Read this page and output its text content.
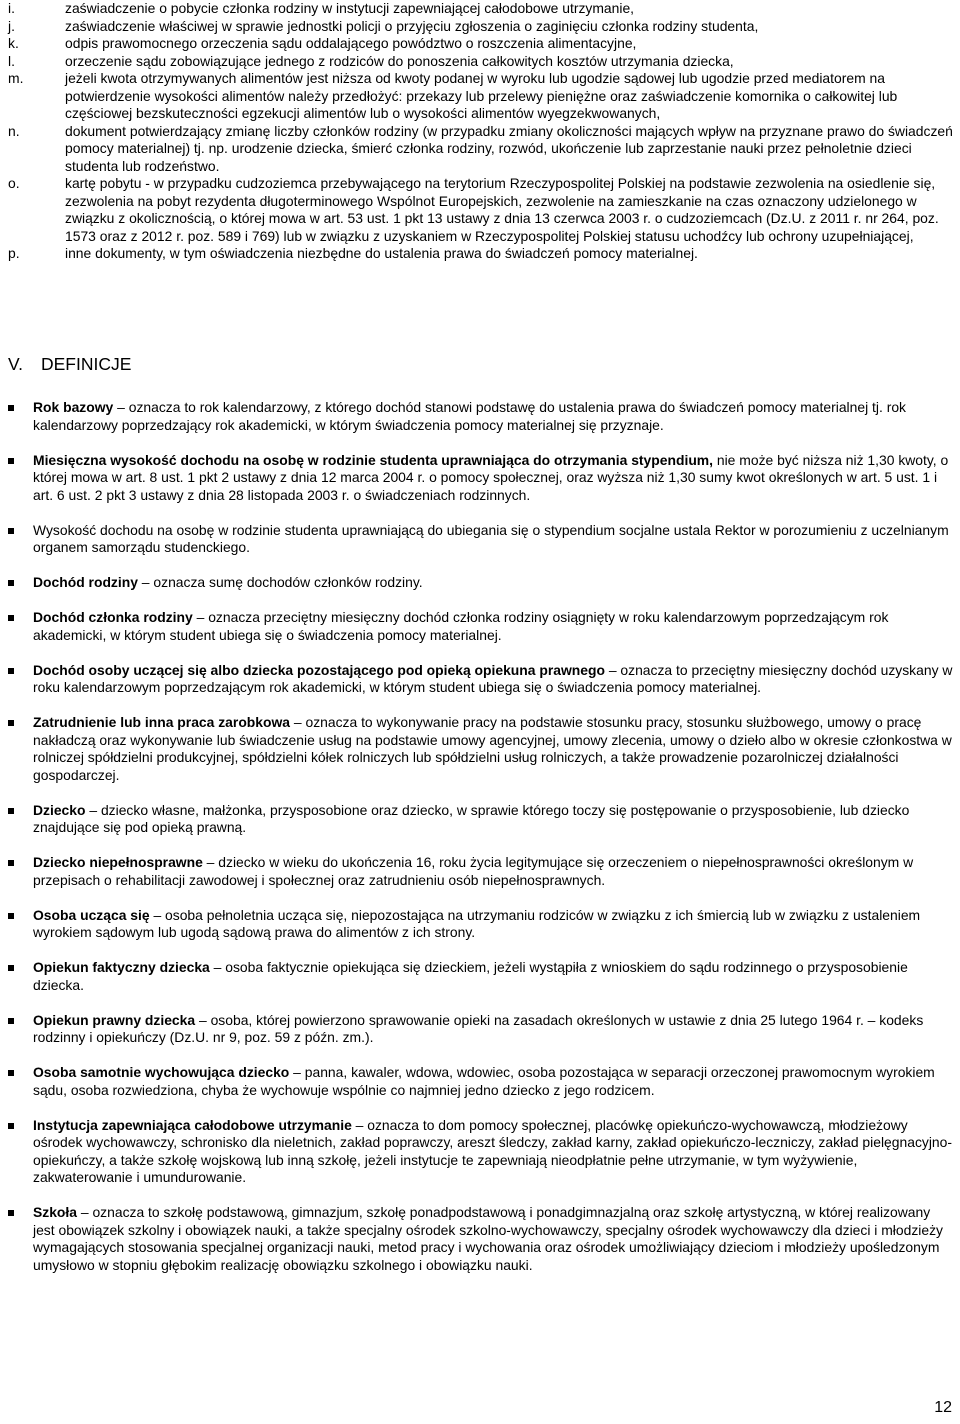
i.	zaświadczenie o pobycie członka rodziny w instytucji zapewniającej całodobowe utrzymanie,
j.	zaświadczenie właściwej w sprawie jednostki policji o przyjęciu zgłoszenia o zaginięciu członka rodziny studenta,
k.	odpis prawomocnego orzeczenia sądu oddalającego powództwo o roszczenia alimentacyjne,
l.	orzeczenie sądu zobowiązujące jednego z rodziców do ponoszenia całkowitych kosztów utrzymania dziecka,
m.	jeżeli kwota otrzymywanych alimentów jest niższa od kwoty podanej w wyroku lub ugodzie sądowej lub ugodzie przed mediatorem na potwierdzenie wysokości alimentów należy przedłożyć: przekazy lub przelewy pieniężne oraz zaświadczenie komornika o całkowitej lub częściowej bezskuteczności egzekucji alimentów lub o wysokości alimentów wyegzekwowanych,
n.	dokument potwierdzający zmianę liczby członków rodziny (w przypadku zmiany okoliczności mających wpływ na przyznane prawo do świadczeń pomocy materialnej) tj. np. urodzenie dziecka, śmierć członka rodziny, rozwód, ukończenie lub zaprzestanie nauki przez pełnoletnie dzieci studenta lub rodzeństwo.
o.	kartę pobytu - w przypadku cudzoziemca przebywającego na terytorium Rzeczypospolitej Polskiej na podstawie zezwolenia na osiedlenie się, zezwolenia na pobyt rezydenta długoterminowego Wspólnot Europejskich, zezwolenie na zamieszkanie na czas oznaczony udzielonego w związku z okolicznością, o której mowa w art. 53 ust. 1 pkt 13 ustawy z dnia 13 czerwca 2003 r. o cudzoziemcach (Dz.U. z 2011 r. nr 264, poz. 1573 oraz z 2012 r. poz. 589 i 769) lub w związku z uzyskaniem w Rzeczypospolitej Polskiej statusu uchodźcy lub ochrony uzupełniającej,
p.	inne dokumenty, w tym oświadczenia niezbędne do ustalenia prawa do świadczeń pomocy materialnej.
V.	DEFINICJE
Rok bazowy – oznacza to rok kalendarzowy, z którego dochód stanowi podstawę do ustalenia prawa do świadczeń pomocy materialnej tj. rok kalendarzowy poprzedzający rok akademicki, w którym świadczenia pomocy materialnej się przyznaje.
Miesięczna wysokość dochodu na osobę w rodzinie studenta uprawniająca do otrzymania stypendium, nie może być niższa niż 1,30 kwoty, o której mowa w art. 8 ust. 1 pkt 2 ustawy z dnia 12 marca 2004 r. o pomocy społecznej, oraz wyższa niż 1,30 sumy kwot określonych w art. 5 ust. 1 i art. 6 ust. 2 pkt 3 ustawy z dnia 28 listopada 2003 r. o świadczeniach rodzinnych.
Wysokość dochodu na osobę w rodzinie studenta uprawniającą do ubiegania się o stypendium socjalne ustala Rektor w porozumieniu z uczelnianym organem samorządu studenckiego.
Dochód rodziny – oznacza sumę dochodów członków rodziny.
Dochód członka rodziny – oznacza przeciętny miesięczny dochód członka rodziny osiągnięty w roku kalendarzowym poprzedzającym rok akademicki, w którym student ubiega się o świadczenia pomocy materialnej.
Dochód osoby uczącej się albo dziecka pozostającego pod opieką opiekuna prawnego – oznacza to przeciętny miesięczny dochód uzyskany w roku kalendarzowym poprzedzającym rok akademicki, w którym student ubiega się o świadczenia pomocy materialnej.
Zatrudnienie lub inna praca zarobkowa – oznacza to wykonywanie pracy na podstawie stosunku pracy, stosunku służbowego, umowy o pracę nakładczą oraz wykonywanie lub świadczenie usług na podstawie umowy agencyjnej, umowy zlecenia, umowy o dzieło albo w okresie członkostwa w rolniczej spółdzielni produkcyjnej, spółdzielni kółek rolniczych lub spółdzielni usług rolniczych, a także prowadzenie pozarolniczej działalności gospodarczej.
Dziecko – dziecko własne, małżonka, przysposobione oraz dziecko, w sprawie którego toczy się postępowanie o przysposobienie, lub dziecko znajdujące się pod opieką prawną.
Dziecko niepełnosprawne – dziecko w wieku do ukończenia 16, roku życia legitymujące się orzeczeniem o niepełnosprawności określonym w przepisach o rehabilitacji zawodowej i społecznej oraz zatrudnieniu osób niepełnosprawnych.
Osoba ucząca się – osoba pełnoletnia ucząca się, niepozostająca na utrzymaniu rodziców w związku z ich śmiercią lub w związku z ustaleniem wyrokiem sądowym lub ugodą sądową prawa do alimentów z ich strony.
Opiekun faktyczny dziecka – osoba faktycznie opiekująca się dzieckiem, jeżeli wystąpiła z wnioskiem do sądu rodzinnego o przysposobienie dziecka.
Opiekun prawny dziecka – osoba, której powierzono sprawowanie opieki na zasadach określonych w ustawie z dnia 25 lutego 1964 r. – kodeks rodzinny i opiekuńczy (Dz.U. nr 9, poz. 59 z późn. zm.).
Osoba samotnie wychowująca dziecko – panna, kawaler, wdowa, wdowiec, osoba pozostająca w separacji orzeczonej prawomocnym wyrokiem sądu, osoba rozwiedziona, chyba że wychowuje wspólnie co najmniej jedno dziecko z jego rodzicem.
Instytucja zapewniająca całodobowe utrzymanie – oznacza to dom pomocy społecznej, placówkę opiekuńczo-wychowawczą, młodzieżowy ośrodek wychowawczy, schronisko dla nieletnich, zakład poprawczy, areszt śledczy, zakład karny, zakład opiekuńczo-leczniczy, zakład pielęgnacyjno-opiekuńczy, a także szkołę wojskową lub inną szkołę, jeżeli instytucje te zapewniają nieodpłatnie pełne utrzymanie, w tym wyżywienie, zakwaterowanie i umundurowanie.
Szkoła – oznacza to szkołę podstawową, gimnazjum, szkołę ponadpodstawową i ponadgimnazjalną oraz szkołę artystyczną, w której realizowany jest obowiązek szkolny i obowiązek nauki, a także specjalny ośrodek szkolno-wychowawczy, specjalny ośrodek wychowawczy dla dzieci i młodzieży wymagających stosowania specjalnej organizacji nauki, metod pracy i wychowania oraz ośrodek umożliwiający dzieciom i młodzieży upośledzonym umysłowo w stopniu głębokim realizację obowiązku szkolnego i obowiązku nauki.
12
